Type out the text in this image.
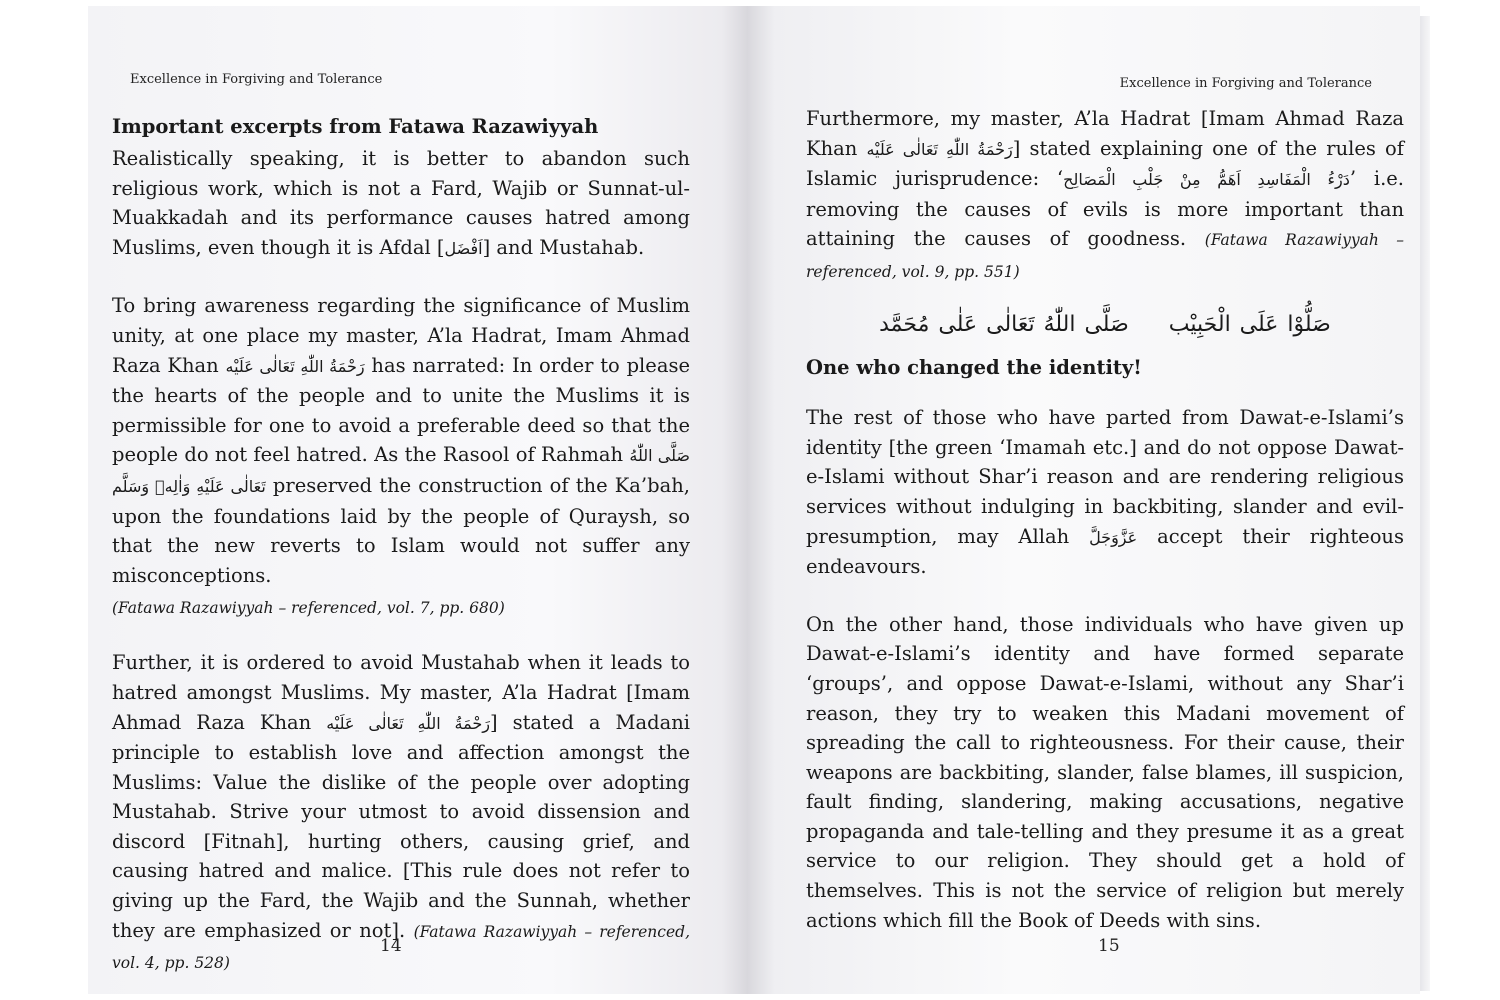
Excellence in Forgiving and Tolerance
Important excerpts from Fatawa Razawiyyah

Realistically speaking, it is better to abandon such religious work, which is not a Fard, Wajib or Sunnat-ul-Muakkadah and its performance causes hatred among Muslims, even though it is Afdal [اَفْضَل] and Mustahab.

To bring awareness regarding the significance of Muslim unity, at one place my master, A’la Hadrat, Imam Ahmad Raza Khan رَحْمَةُ اللّٰهِ تَعَالٰى عَلَيْه has narrated: In order to please the hearts of the people and to unite the Muslims it is permissible for one to avoid a preferable deed so that the people do not feel hatred. As the Rasool of Rahmah صَلَّى اللّٰهُ تَعَالٰى عَلَيْهِ وَاٰلِهٖ وَسَلَّم preserved the construction of the Ka’bah, upon the foundations laid by the people of Quraysh, so that the new reverts to Islam would not suffer any misconceptions.

(Fatawa Razawiyyah – referenced, vol. 7, pp. 680)

Further, it is ordered to avoid Mustahab when it leads to hatred amongst Muslims. My master, A’la Hadrat [Imam Ahmad Raza Khan رَحْمَةُ اللّٰهِ تَعَالٰى عَلَيْه] stated a Madani principle to establish love and affection amongst the Muslims: Value the dislike of the people over adopting Mustahab. Strive your utmost to avoid dissension and discord [Fitnah], hurting others, causing grief, and causing hatred and malice. [This rule does not refer to giving up the Fard, the Wajib and the Sunnah, whether they are emphasized or not]. (Fatawa Razawiyyah – referenced, vol. 4, pp. 528)

14
Excellence in Forgiving and Tolerance

Furthermore, my master, A’la Hadrat [Imam Ahmad Raza Khan رَحْمَةُ اللّٰهِ تَعَالٰى عَلَيْه] stated explaining one of the rules of Islamic jurisprudence: ‘دَرْءُ الْمَفَاسِدِ اَهَمُّ مِنْ جَلْبِ الْمَصَالِح’ i.e. removing the causes of evils is more important than attaining the causes of goodness. (Fatawa Razawiyyah – referenced, vol. 9, pp. 551)

صَلُّوْا عَلَى الْحَبِيْبصَلَّى اللّٰهُ تَعَالٰى عَلٰى مُحَمَّد
One who changed the identity!

The rest of those who have parted from Dawat-e-Islami’s identity [the green ‘Imamah etc.] and do not oppose Dawat-e-Islami without Shar’i reason and are rendering religious services without indulging in backbiting, slander and evil-presumption, may Allah عَزَّوَجَلَّ accept their righteous endeavours.

On the other hand, those individuals who have given up Dawat-e-Islami’s identity and have formed separate ‘groups’, and oppose Dawat-e-Islami, without any Shar’i reason, they try to weaken this Madani movement of spreading the call to righteousness. For their cause, their weapons are backbiting, slander, false blames, ill suspicion, fault finding, slandering, making accusations, negative propaganda and tale-telling and they presume it as a great service to our religion. They should get a hold of themselves. This is not the service of religion but merely actions which fill the Book of Deeds with sins.

15
